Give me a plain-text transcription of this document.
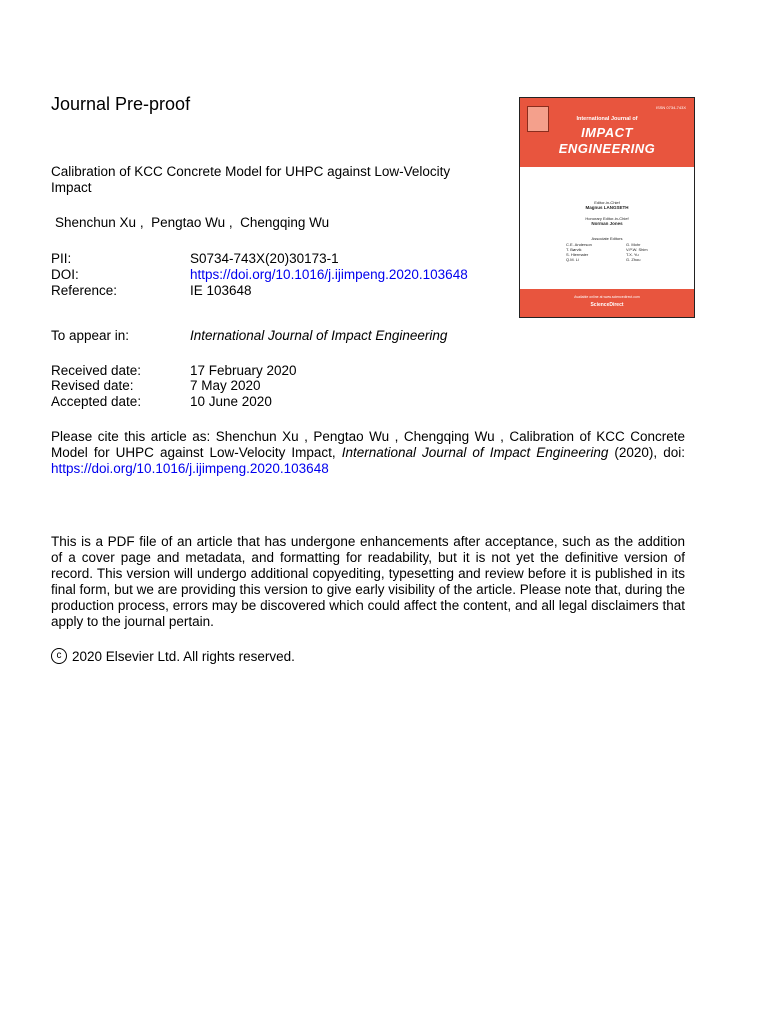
Journal Pre-proof
Calibration of KCC Concrete Model for UHPC against Low-Velocity Impact
Shenchun Xu ,  Pengtao Wu ,  Chengqing Wu
PII:	S0734-743X(20)30173-1
DOI:	https://doi.org/10.1016/j.ijimpeng.2020.103648
Reference:	IE 103648
To appear in:	International Journal of Impact Engineering
Received date:	17 February 2020
Revised date:	7 May 2020
Accepted date:	10 June 2020
Please cite this article as: Shenchun Xu , Pengtao Wu , Chengqing Wu , Calibration of KCC Concrete Model for UHPC against Low-Velocity Impact, International Journal of Impact Engineering (2020), doi: https://doi.org/10.1016/j.ijimpeng.2020.103648
This is a PDF file of an article that has undergone enhancements after acceptance, such as the addition of a cover page and metadata, and formatting for readability, but it is not yet the definitive version of record. This version will undergo additional copyediting, typesetting and review before it is published in its final form, but we are providing this version to give early visibility of the article. Please note that, during the production process, errors may be discovered which could affect the content, and all legal disclaimers that apply to the journal pertain.
c 2020 Elsevier Ltd. All rights reserved.
ISSN 0734-743X
International Journal of
IMPACT
ENGINEERING
Editor-in-Chief
Magnus LANGSETH
Honorary Editor-in-Chief
Norman Jones
Associate Editors
C.E. Anderson
T. Børvik
S. Hiermaier
Q.M. Li
G. Mohr
V.P.W. Shim
T.X. Yu
G. Zhou
Available online at www.sciencedirect.com
ScienceDirect
